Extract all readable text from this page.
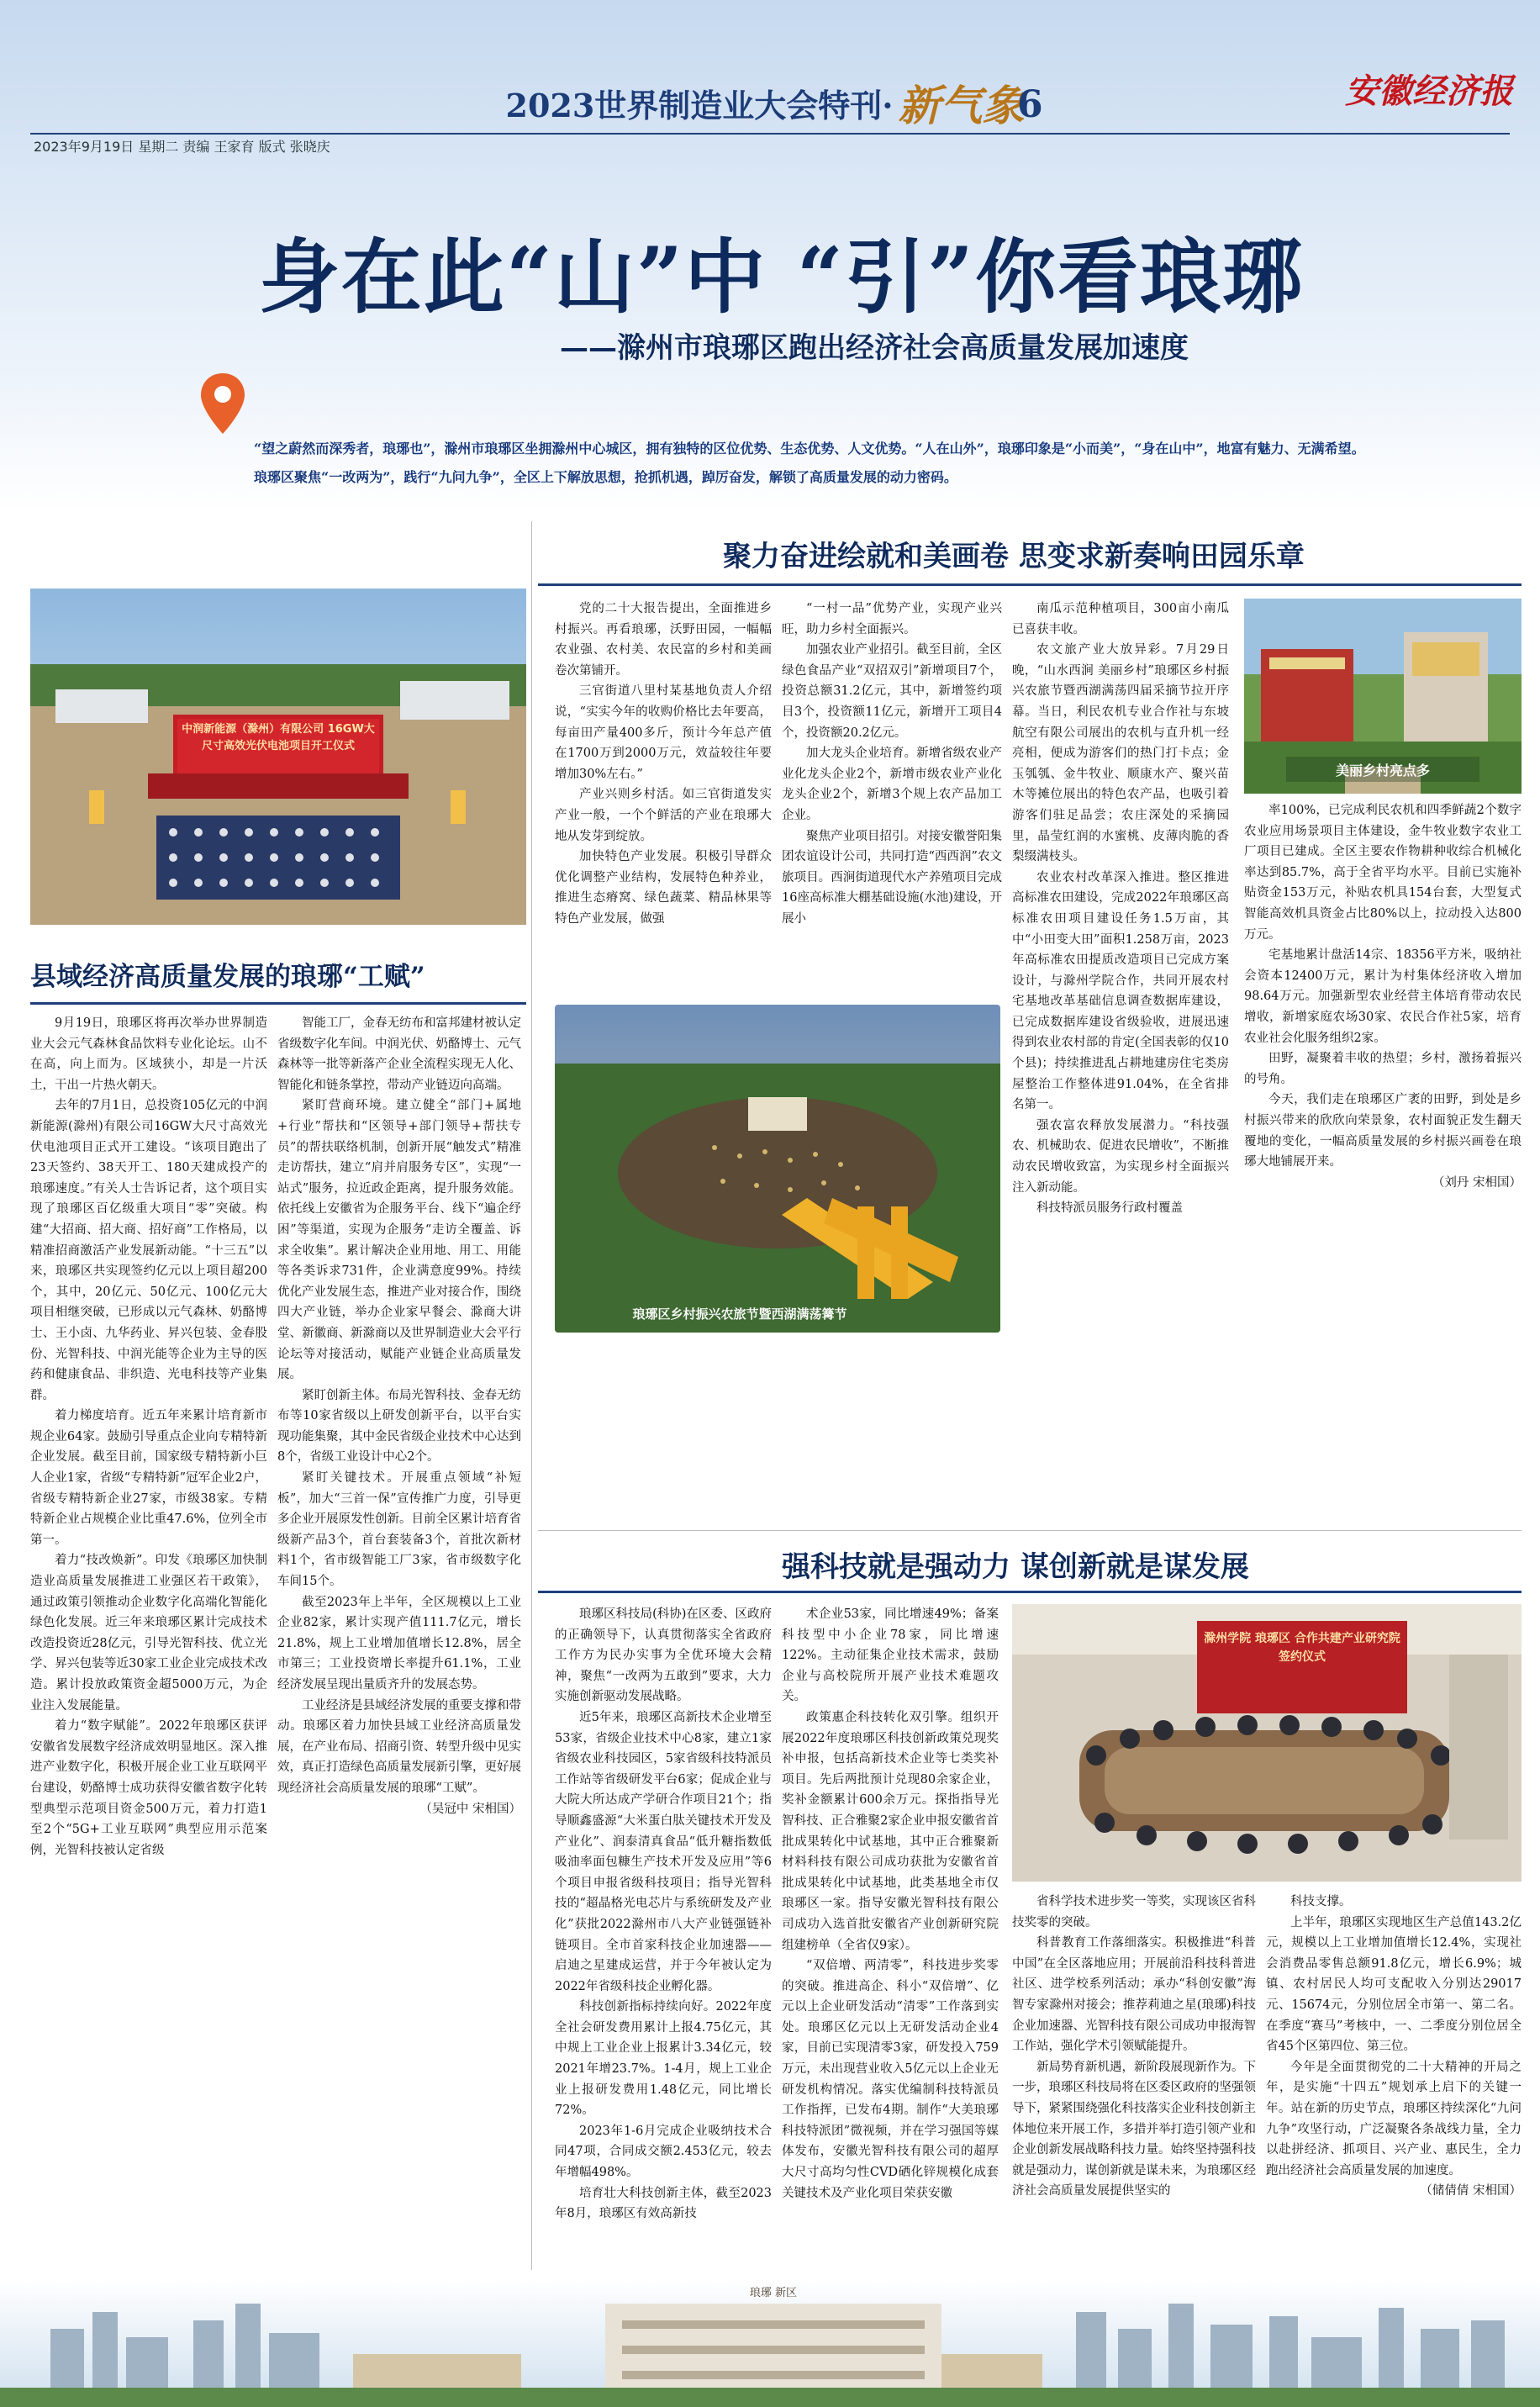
2023世界制造业大会特刊· 新气象
6	安徽经济报
2023年9月19日 星期二 责编 王家育 版式 张晓庆
身在此“山”中 “引”你看琅琊
——滁州市琅琊区跑出经济社会高质量发展加速度

“望之蔚然而深秀者，琅琊也”，滁州市琅琊区坐拥滁州中心城区，拥有独特的区位优势、生态优势、人文优势。“人在山外”，琅琊印象是“小而美”，“身在山中”，地富有魅力、无满希望。

琅琊区聚焦“一改两为”，践行“九问九争”，全区上下解放思想，抢抓机遇，踔厉奋发，解锁了高质量发展的动力密码。

聚力奋进绘就和美画卷 思变求新奏响田园乐章
中润新能源（滁州）有限公司 16GW大尺寸高效光伏电池项目开工仪式
县域经济高质量发展的琅琊“工赋”

9月19日，琅琊区将再次举办世界制造业大会元气森林食品饮料专业化论坛。山不在高，向上而为。区域狭小，却是一片沃土，干出一片热火朝天。

去年的7月1日，总投资105亿元的中润新能源(滁州)有限公司16GW大尺寸高效光伏电池项目正式开工建设。“该项目跑出了23天签约、38天开工、180天建成投产的琅琊速度。”有关人士告诉记者，这个项目实现了琅琊区百亿级重大项目“零”突破。构建“大招商、招大商、招好商”工作格局，以精准招商激活产业发展新动能。“十三五”以来，琅琊区共实现签约亿元以上项目超200个，其中，20亿元、50亿元、100亿元大项目相继突破，已形成以元气森林、奶酪博士、王小卤、九华药业、昇兴包装、金春股份、光智科技、中润光能等企业为主导的医药和健康食品、非织造、光电科技等产业集群。

着力梯度培育。近五年来累计培育新市规企业64家。鼓励引导重点企业向专精特新企业发展。截至目前，国家级专精特新小巨人企业1家，省级“专精特新”冠军企业2户，省级专精特新企业27家，市级38家。专精特新企业占规模企业比重47.6%，位列全市第一。

着力“技改焕新”。印发《琅琊区加快制造业高质量发展推进工业强区若干政策》，通过政策引领推动企业数字化高端化智能化绿色化发展。近三年来琅琊区累计完成技术改造投资近28亿元，引导光智科技、优立光学、昇兴包装等近30家工业企业完成技术改造。累计投放政策资金超5000万元，为企业注入发展能量。

着力“数字赋能”。2022年琅琊区获评安徽省发展数字经济成效明显地区。深入推进产业数字化，积极开展企业工业互联网平台建设，奶酪博士成功获得安徽省数字化转型典型示范项目资金500万元，着力打造1至2个“5G+工业互联网”典型应用示范案例，光智科技被认定省级

智能工厂，金春无纺布和富邦建材被认定省级数字化车间。中润光伏、奶酪博士、元气森林等一批等新落产企业全流程实现无人化、智能化和链条掌控，带动产业链迈向高端。

紧盯营商环境。建立健全“部门+属地+行业”帮扶和“区领导+部门领导+帮扶专员”的帮扶联络机制，创新开展“触发式”精准走访帮扶，建立“肩并肩服务专区”，实现“一站式”服务，拉近政企距离，提升服务效能。依托线上安徽省为企服务平台、线下“遍企纾困”等渠道，实现为企服务“走访全覆盖、诉求全收集”。累计解决企业用地、用工、用能等各类诉求731件，企业满意度99%。持续优化产业发展生态，推进产业对接合作，围绕四大产业链，举办企业家早餐会、滁商大讲堂、新徽商、新滁商以及世界制造业大会平行论坛等对接活动，赋能产业链企业高质量发展。

紧盯创新主体。布局光智科技、金春无纺布等10家省级以上研发创新平台，以平台实现功能集聚，其中金民省级企业技术中心达到8个，省级工业设计中心2个。

紧盯关键技术。开展重点领域“补短板”，加大“三首一保”宣传推广力度，引导更多企业开展原发性创新。目前全区累计培育省级新产品3个，首台套装备3个，首批次新材料1个，省市级智能工厂3家，省市级数字化车间15个。

截至2023年上半年，全区规模以上工业企业82家，累计实现产值111.7亿元，增长21.8%，规上工业增加值增长12.8%，居全市第三；工业投资增长率提升61.1%，工业经济发展呈现出量质齐升的发展态势。

工业经济是县域经济发展的重要支撑和带动。琅琊区着力加快县域工业经济高质量发展，在产业布局、招商引资、转型升级中见实效，真正打造绿色高质量发展新引擎，更好展现经济社会高质量发展的琅琊“工赋”。

（吴冠中 宋相国）

党的二十大报告提出，全面推进乡村振兴。再看琅琊，沃野田园，一幅幅农业强、农村美、农民富的乡村和美画卷次第铺开。

三官街道八里村某基地负责人介绍说，“实实今年的收购价格比去年要高，每亩田产量400多斤，预计今年总产值在1700万到2000万元，效益较往年要增加30%左右。”

产业兴则乡村活。如三官街道发实产业一般，一个个鲜活的产业在琅琊大地从发芽到绽放。

加快特色产业发展。积极引导群众优化调整产业结构，发展特色种养业，推进生态瘠窝、绿色蔬菜、精品林果等特色产业发展，做强

“一村一品”优势产业，实现产业兴旺，助力乡村全面振兴。

加强农业产业招引。截至目前，全区绿色食品产业“双招双引”新增项目7个，投资总额31.2亿元，其中，新增签约项目3个，投资额11亿元，新增开工项目4个，投资额20.2亿元。

加大龙头企业培育。新增省级农业产业化龙头企业2个，新增市级农业产业化龙头企业2个，新增3个规上农产品加工企业。

聚焦产业项目招引。对接安徽誉阳集团农谊设计公司，共同打造“西西润”农文旅项目。西涧街道现代水产养殖项目完成16座高标准大棚基础设施(水池)建设，开展小

南瓜示范种植项目，300亩小南瓜已喜获丰收。

农文旅产业大放异彩。7月29日晚，“山水西涧 美丽乡村”琅琊区乡村振兴农旅节暨西湖满荡四届采摘节拉开序幕。当日，利民农机专业合作社与东坡航空有限公司展出的农机与直升机一经亮相，便成为游客们的热门打卡点；金玉瓠瓠、金牛牧业、顺康水产、聚兴苗木等摊位展出的特色农产品，也吸引着游客们驻足品尝；农庄深处的采摘园里，晶莹红润的水蜜桃、皮薄肉脆的香梨缀满枝头。

农业农村改革深入推进。整区推进高标准农田建设，完成2022年琅琊区高标准农田项目建设任务1.5万亩，其中“小田变大田”面积1.258万亩，2023年高标准农田提质改造项目已完成方案设计，与滁州学院合作，共同开展农村宅基地改革基础信息调查数据库建设，已完成数据库建设省级验收，进展迅速得到农业农村部的肯定(全国表彰的仅10个县)；持续推进乱占耕地建房住宅类房屋整治工作整体进91.04%，在全省排名第一。

强农富农释放发展潜力。“科技强农、机械助农、促进农民增收”，不断推动农民增收致富，为实现乡村全面振兴注入新动能。

科技特派员服务行政村覆盖

美丽乡村亮点多

率100%，已完成利民农机和四季鲜蔬2个数字农业应用场景项目主体建设，金牛牧业数字农业工厂项目已建成。全区主要农作物耕种收综合机械化率达到85.7%，高于全省平均水平。目前已实施补贴资金153万元，补贴农机具154台套，大型复式智能高效机具资金占比80%以上，拉动投入达800万元。

宅基地累计盘活14宗、18356平方米，吸纳社会资本12400万元，累计为村集体经济收入增加98.64万元。加强新型农业经营主体培育带动农民增收，新增家庭农场30家、农民合作社5家，培育农业社会化服务组织2家。

田野，凝聚着丰收的热望；乡村，激扬着振兴的号角。

今天，我们走在琅琊区广袤的田野，到处是乡村振兴带来的欣欣向荣景象，农村面貌正发生翻天覆地的变化，一幅高质量发展的乡村振兴画卷在琅琊大地铺展开来。

（刘丹 宋相国）

琅琊区乡村振兴农旅节暨西湖满荡篝节
强科技就是强动力 谋创新就是谋发展

琅琊区科技局(科协)在区委、区政府的正确领导下，认真贯彻落实全省政府工作方为民办实事为全优环境大会精神，聚焦“一改两为五敢到”要求，大力实施创新驱动发展战略。

近5年来，琅琊区高新技术企业增至53家，省级企业技术中心8家，建立1家省级农业科技园区，5家省级科技特派员工作站等省级研发平台6家；促成企业与大院大所达成产学研合作项目21个；指导顺鑫盛源“大米蛋白肽关键技术开发及产业化”、润泰清真食品“低升糖指数低吸油率面包糠生产技术开发及应用”等6个项目申报省级科技项目；指导光智科技的“超晶格光电芯片与系统研发及产业化”获批2022滁州市八大产业链强链补链项目。全市首家科技企业加速器——启迪之星建成运营，并于今年被认定为2022年省级科技企业孵化器。

科技创新指标持续向好。2022年度全社会研发费用累计上报4.75亿元，其中规上工业企业上报累计3.34亿元，较2021年增23.7%。1-4月，规上工业企业上报研发费用1.48亿元，同比增长72%。

2023年1-6月完成企业吸纳技术合同47项，合同成交额2.453亿元，较去年增幅498%。

培育壮大科技创新主体，截至2023年8月，琅琊区有效高新技

术企业53家，同比增速49%；备案科技型中小企业78家，同比增速122%。主动征集企业技术需求，鼓励企业与高校院所开展产业技术难题攻关。

政策惠企科技转化双引擎。组织开展2022年度琅琊区科技创新政策兑现奖补申报，包括高新技术企业等七类奖补项目。先后两批预计兑现80余家企业，奖补金额累计600余万元。探指指导光智科技、正合雅聚2家企业申报安徽省首批成果转化中试基地，其中正合雅聚新材料科技有限公司成功获批为安徽省首批成果转化中试基地，此类基地全市仅琅琊区一家。指导安徽光智科技有限公司成功入选首批安徽省产业创新研究院组建榜单（全省仅9家）。

“双倍增、两清零”，科技进步奖零的突破。推进高企、科小“双倍增”、亿元以上企业研发活动“清零”工作落到实处。琅琊区亿元以上无研发活动企业4家，目前已实现清零3家，研发投入759万元，未出现营业收入5亿元以上企业无研发机构情况。落实优编制科技特派员工作指挥，已发布4期。制作“大美琅琊科技特派团”微视频，并在学习强国等媒体发布，安徽光智科技有限公司的超厚大尺寸高均匀性CVD硒化锌规模化成套关键技术及产业化项目荣获安徽

滁州学院 琅琊区 合作共建产业研究院签约仪式

省科学技术进步奖一等奖，实现该区省科技奖零的突破。

科普教育工作落细落实。积极推进“科普中国”在全区落地应用；开展前沿科技科普进社区、进学校系列活动；承办“科创安徽”海智专家滁州对接会；推荐莉迪之星(琅琊)科技企业加速器、光智科技有限公司成功申报海智工作站，强化学术引领赋能提升。

新局势育新机遇，新阶段展现新作为。下一步，琅琊区科技局将在区委区政府的坚强领导下，紧紧围绕强化科技落实企业科技创新主体地位来开展工作，多措并举打造引领产业和企业创新发展战略科技力量。始终坚持强科技就是强动力，谋创新就是谋未来，为琅琊区经济社会高质量发展提供坚实的

科技支撑。

上半年，琅琊区实现地区生产总值143.2亿元，规模以上工业增加值增长12.4%，实现社会消费品零售总额91.8亿元，增长6.9%；城镇、农村居民人均可支配收入分别达29017元、15674元，分别位居全市第一、第二名。在季度“赛马”考核中，一、二季度分别位居全省45个区第四位、第三位。

今年是全面贯彻党的二十大精神的开局之年，是实施“十四五”规划承上启下的关键一年。站在新的历史节点，琅琊区持续深化“九问九争”攻坚行动，广泛凝聚各条战线力量，全力以赴拼经济、抓项目、兴产业、惠民生，全力跑出经济社会高质量发展的加速度。

（储倩倩 宋相国）

琅琊 新区
